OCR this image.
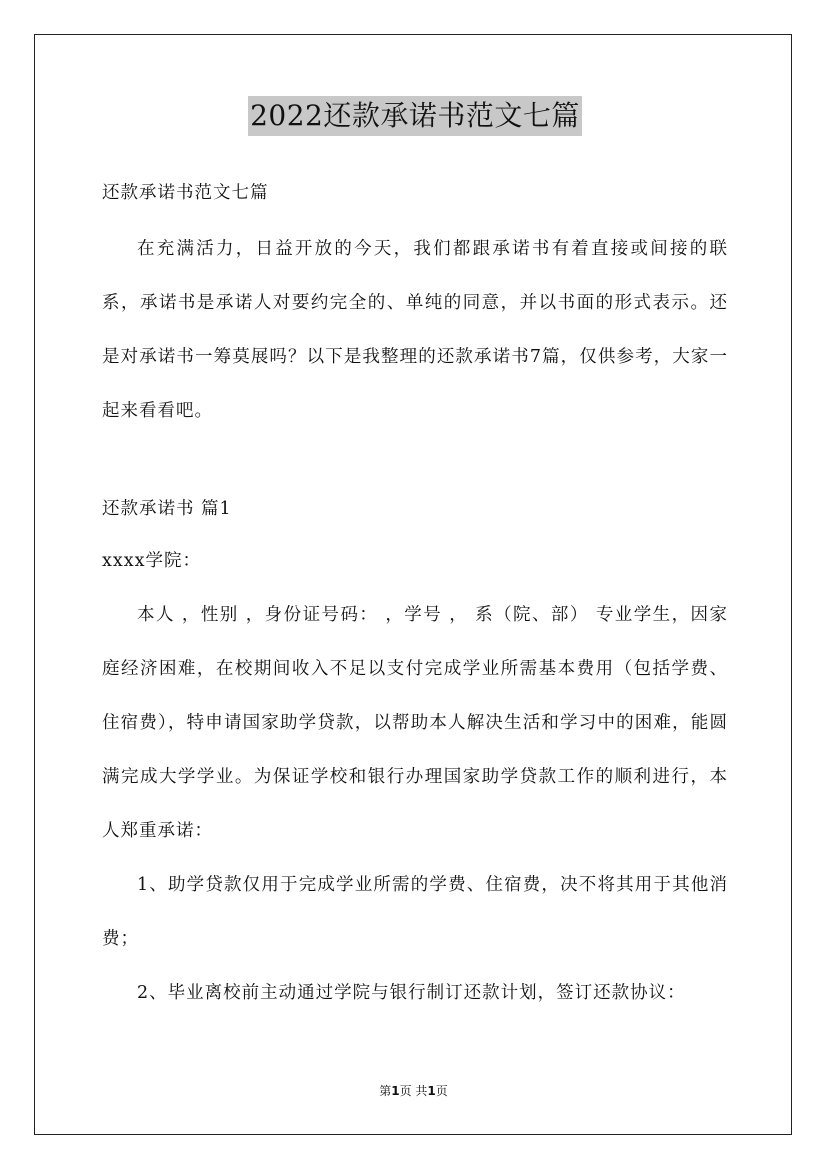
2022还款承诺书范文七篇

还款承诺书范文七篇

在充满活力，日益开放的今天，我们都跟承诺书有着直接或间接的联系，承诺书是承诺人对要约完全的、单纯的同意，并以书面的形式表示。还是对承诺书一筹莫展吗？以下是我整理的还款承诺书7篇，仅供参考，大家一起来看看吧。

还款承诺书 篇1

xxxx学院：

本人 ，性别 ，身份证号码： ，学号 ， 系（院、部） 专业学生，因家庭经济困难，在校期间收入不足以支付完成学业所需基本费用（包括学费、住宿费），特申请国家助学贷款，以帮助本人解决生活和学习中的困难，能圆满完成大学学业。为保证学校和银行办理国家助学贷款工作的顺利进行，本人郑重承诺：

1、助学贷款仅用于完成学业所需的学费、住宿费，决不将其用于其他消费；

2、毕业离校前主动通过学院与银行制订还款计划，签订还款协议：

第1页 共1页
